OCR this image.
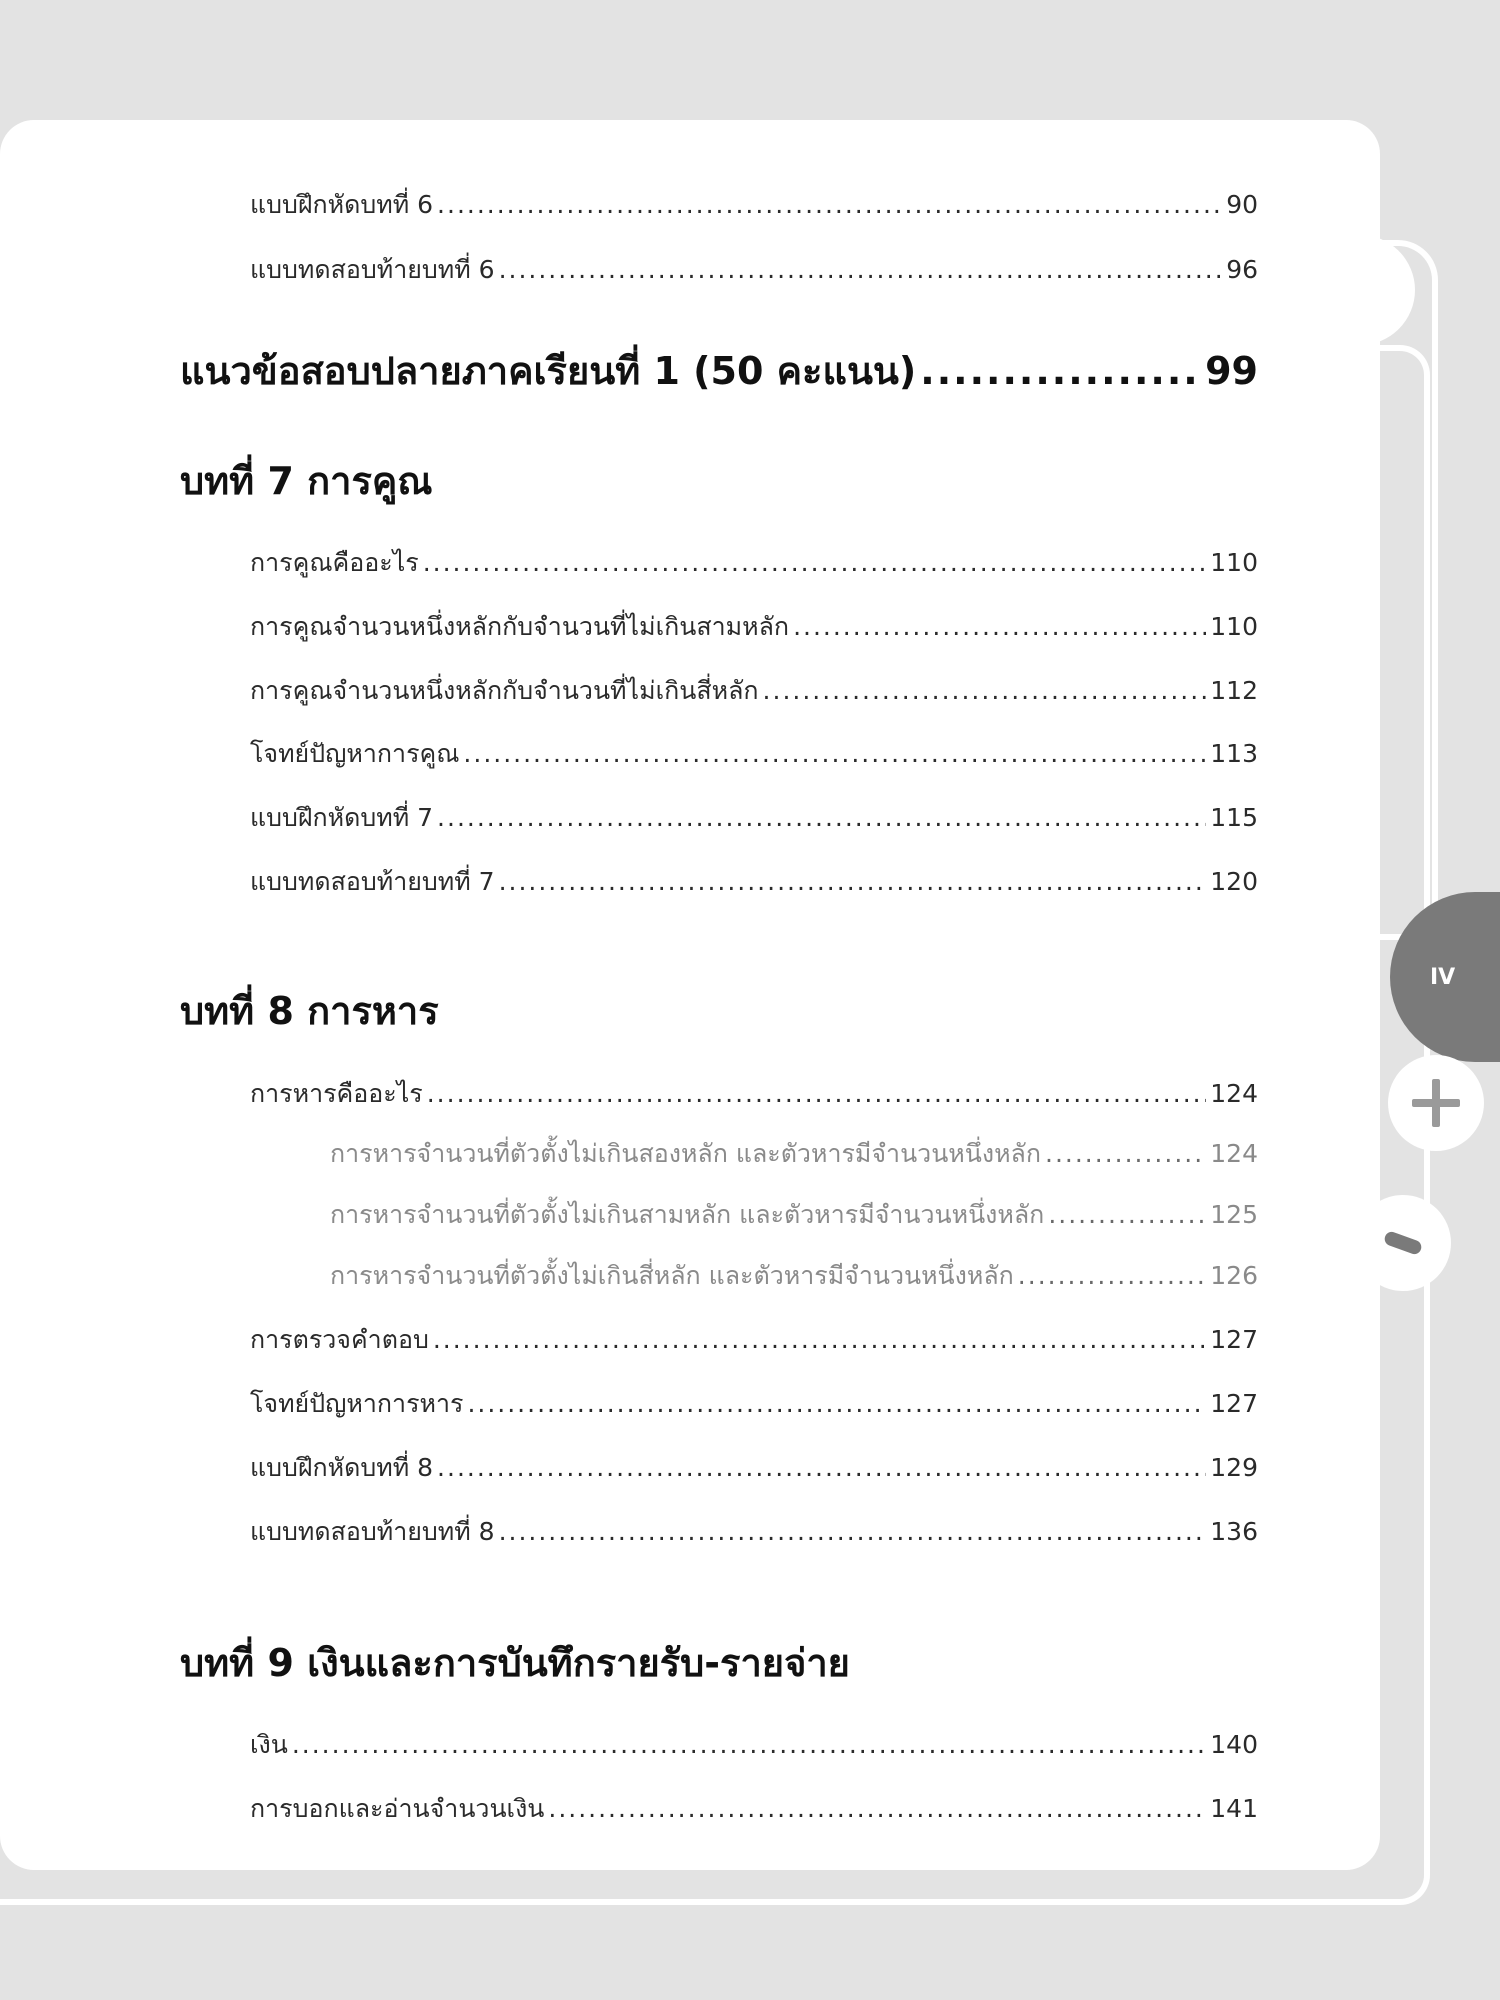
แบบฝึกหัดบทที่ 6 .....	90
แบบทดสอบท้ายบทที่ 6 .....	96
แนวข้อสอบปลายภาคเรียนที่ 1 (50 คะแนน) .....	99
บทที่ 7 การคูณ
การคูณคืออะไร .....	110
การคูณจำนวนหนึ่งหลักกับจำนวนที่ไม่เกินสามหลัก .....	110
การคูณจำนวนหนึ่งหลักกับจำนวนที่ไม่เกินสี่หลัก .....	112
โจทย์ปัญหาการคูณ .....	113
แบบฝึกหัดบทที่ 7 .....	115
แบบทดสอบท้ายบทที่ 7 .....	120
บทที่ 8 การหาร
การหารคืออะไร .....	124
การหารจำนวนที่ตัวตั้งไม่เกินสองหลัก และตัวหารมีจำนวนหนึ่งหลัก .....	124
การหารจำนวนที่ตัวตั้งไม่เกินสามหลัก และตัวหารมีจำนวนหนึ่งหลัก .....	125
การหารจำนวนที่ตัวตั้งไม่เกินสี่หลัก และตัวหารมีจำนวนหนึ่งหลัก .....	126
การตรวจคำตอบ .....	127
โจทย์ปัญหาการหาร .....	127
แบบฝึกหัดบทที่ 8 .....	129
แบบทดสอบท้ายบทที่ 8 .....	136
บทที่ 9 เงินและการบันทึกรายรับ-รายจ่าย
เงิน .....	140
การบอกและอ่านจำนวนเงิน .....	141
IV
